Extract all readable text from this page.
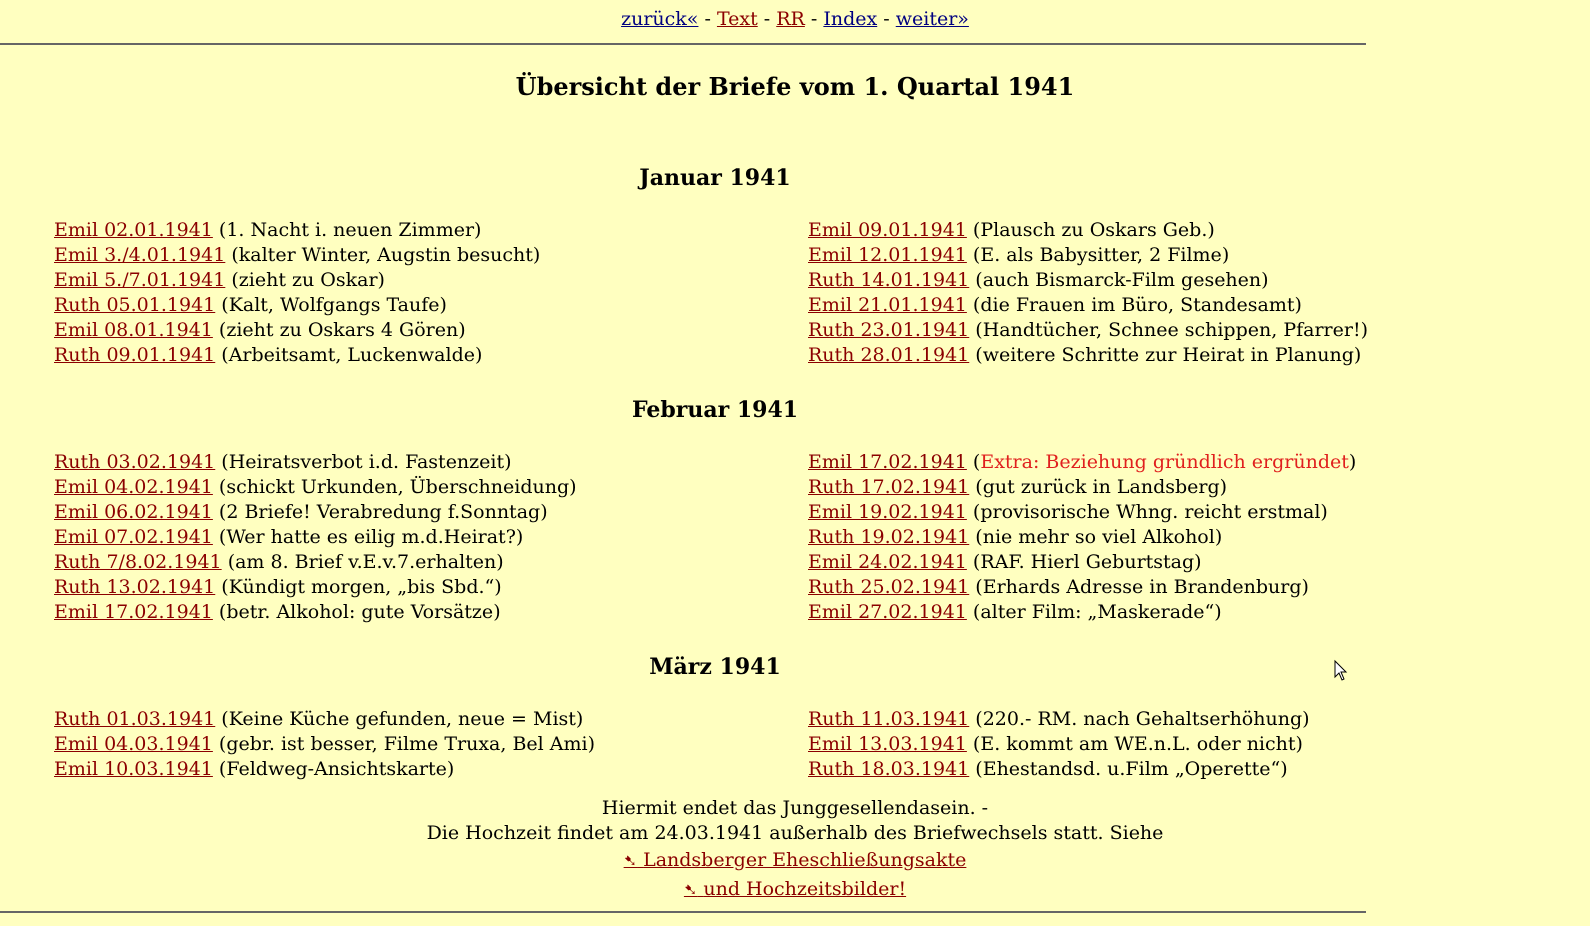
zurück« - Text - RR - Index - weiter»
Übersicht der Briefe vom 1. Quartal 1941
Januar 1941
Februar 1941
März 1941
Emil 02.01.1941 (1. Nacht i. neuen Zimmer)
Emil 3./4.01.1941 (kalter Winter, Augstin besucht)
Emil 5./7.01.1941 (zieht zu Oskar)
Ruth 05.01.1941 (Kalt, Wolfgangs Taufe)
Emil 08.01.1941 (zieht zu Oskars 4 Gören)
Ruth 09.01.1941 (Arbeitsamt, Luckenwalde)
Emil 09.01.1941 (Plausch zu Oskars Geb.)
Emil 12.01.1941 (E. als Babysitter, 2 Filme)
Ruth 14.01.1941 (auch Bismarck-Film gesehen)
Emil 21.01.1941 (die Frauen im Büro, Standesamt)
Ruth 23.01.1941 (Handtücher, Schnee schippen, Pfarrer!)
Ruth 28.01.1941 (weitere Schritte zur Heirat in Planung)
Ruth 03.02.1941 (Heiratsverbot i.d. Fastenzeit)
Emil 04.02.1941 (schickt Urkunden, Überschneidung)
Emil 06.02.1941 (2 Briefe! Verabredung f.Sonntag)
Emil 07.02.1941 (Wer hatte es eilig m.d.Heirat?)
Ruth 7/8.02.1941 (am 8. Brief v.E.v.7.erhalten)
Ruth 13.02.1941 (Kündigt morgen, „bis Sbd.“)
Emil 17.02.1941 (betr. Alkohol: gute Vorsätze)
Emil 17.02.1941 (Extra: Beziehung gründlich ergründet)
Ruth 17.02.1941 (gut zurück in Landsberg)
Emil 19.02.1941 (provisorische Whng. reicht erstmal)
Ruth 19.02.1941 (nie mehr so viel Alkohol)
Emil 24.02.1941 (RAF. Hierl Geburtstag)
Ruth 25.02.1941 (Erhards Adresse in Brandenburg)
Emil 27.02.1941 (alter Film: „Maskerade“)
Ruth 01.03.1941 (Keine Küche gefunden, neue = Mist)
Emil 04.03.1941 (gebr. ist besser, Filme Truxa, Bel Ami)
Emil 10.03.1941 (Feldweg-Ansichtskarte)
Ruth 11.03.1941 (220.- RM. nach Gehaltserhöhung)
Emil 13.03.1941 (E. kommt am WE.n.L. oder nicht)
Ruth 18.03.1941 (Ehestandsd. u.Film „Operette“)
Hiermit endet das Junggesellendasein. -
Die Hochzeit findet am 24.03.1941 außerhalb des Briefwechsels statt. Siehe
➷ Landsberger Eheschließungsakte
➷ und Hochzeitsbilder!
